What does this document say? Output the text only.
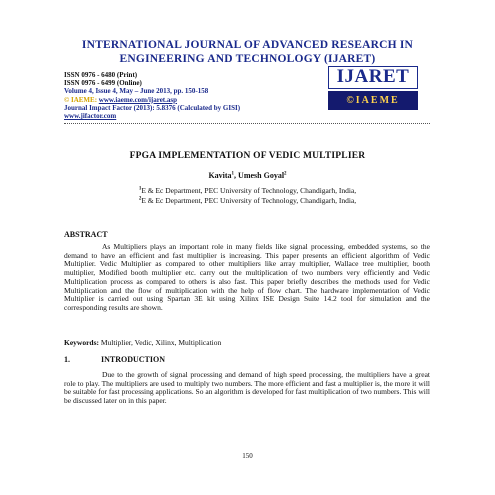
INTERNATIONAL JOURNAL OF ADVANCED RESEARCH IN
ENGINEERING AND TECHNOLOGY (IJARET)
ISSN 0976 - 6480 (Print)
ISSN 0976 - 6499 (Online)
Volume 4, Issue 4, May – June 2013, pp. 150-158
© IAEME: www.iaeme.com/ijaret.asp
Journal Impact Factor (2013): 5.8376 (Calculated by GISI)
www.jifactor.com
IJARET
©IAEME
FPGA IMPLEMENTATION OF VEDIC MULTIPLIER
Kavita$^1$, Umesh Goyal$^2$
$^1$E & Ec Department, PEC University of Technology, Chandigarh, India,
$^2$E & Ec Department, PEC University of Technology, Chandigarh, India,
ABSTRACT

As Multipliers plays an important role in many fields like signal processing, embedded systems, so the demand to have an efficient and fast multiplier is increasing. This paper presents an efficient algorithm of Vedic Multiplier. Vedic Multiplier as compared to other multipliers like array multiplier, Wallace tree multiplier, booth multiplier, Modified booth multiplier etc. carry out the multiplication of two numbers very efficiently and Vedic Multiplication process as compared to others is also fast. This paper briefly describes the methods used for Vedic Multiplication and the flow of multiplication with the help of flow chart. The hardware implementation of Vedic Multiplier is carried out using Spartan 3E kit using Xilinx ISE Design Suite 14.2 tool for simulation and the corresponding results are shown.

Keywords: Multiplier, Vedic, Xilinx, Multiplication
1.	INTRODUCTION

Due to the growth of signal processing and demand of high speed processing, the multipliers have a great role to play. The multipliers are used to multiply two numbers. The more efficient and fast a multiplier is, the more it will be suitable for fast processing applications. So an algorithm is developed for fast multiplication of two numbers. This will be discussed later on in this paper.

150
